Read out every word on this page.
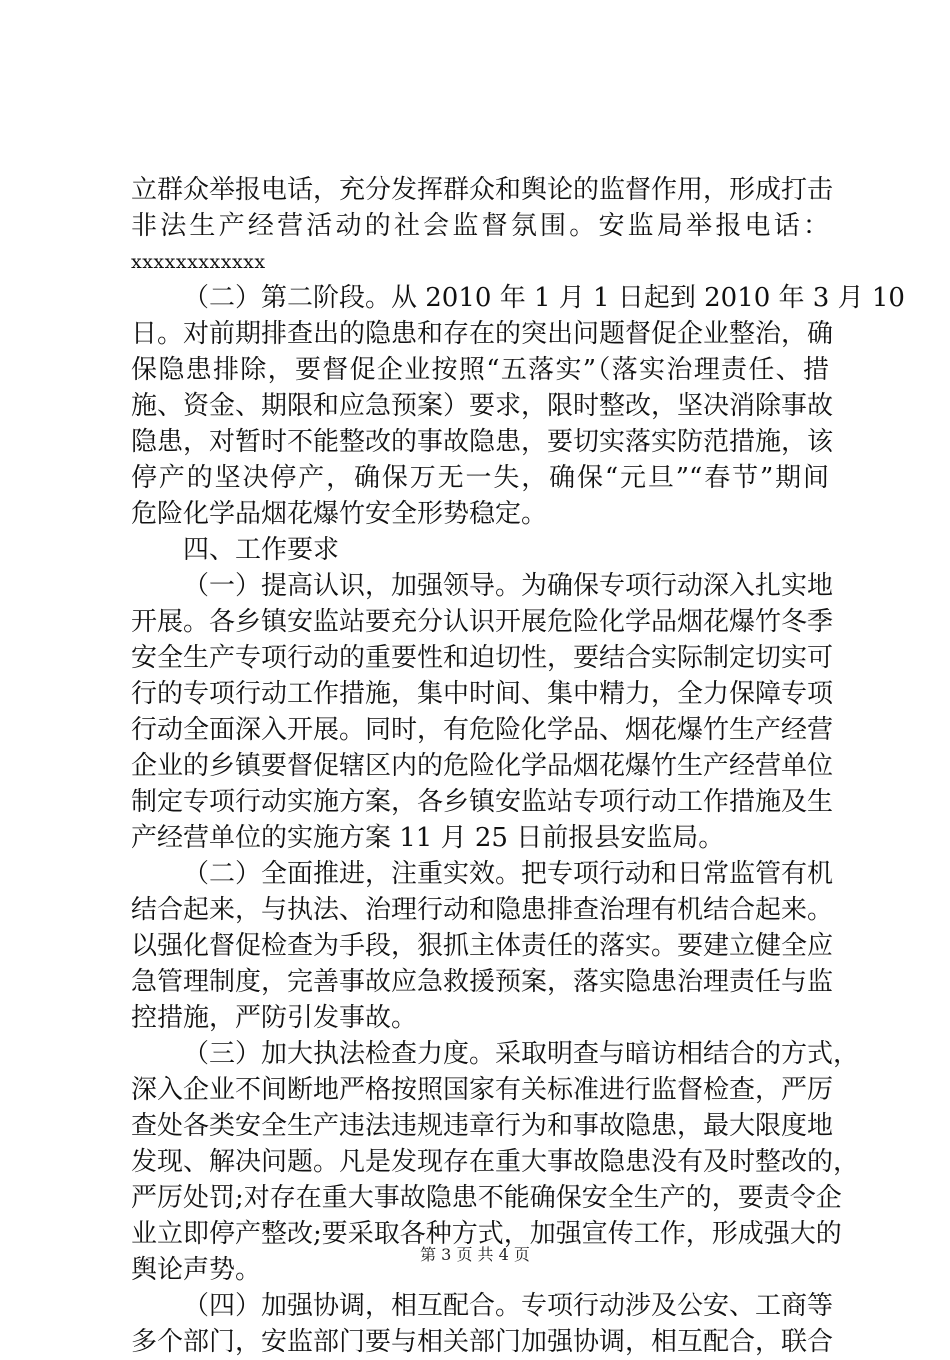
立群众举报电话，充分发挥群众和舆论的监督作用，形成打击
非法生产经营活动的社会监督氛围。安监局举报电话：
xxxxxxxxxxxx
（二）第二阶段。从 2010 年 1 月 1 日起到 2010 年 3 月 10
日。对前期排查出的隐患和存在的突出问题督促企业整治，确
保隐患排除，要督促企业按照“五落实”（落实治理责任、措
施、资金、期限和应急预案）要求，限时整改，坚决消除事故
隐患，对暂时不能整改的事故隐患，要切实落实防范措施，该
停产的坚决停产，确保万无一失，确保“元旦”“春节”期间
危险化学品烟花爆竹安全形势稳定。
四、工作要求
（一）提高认识，加强领导。为确保专项行动深入扎实地
开展。各乡镇安监站要充分认识开展危险化学品烟花爆竹冬季
安全生产专项行动的重要性和迫切性，要结合实际制定切实可
行的专项行动工作措施，集中时间、集中精力，全力保障专项
行动全面深入开展。同时，有危险化学品、烟花爆竹生产经营
企业的乡镇要督促辖区内的危险化学品烟花爆竹生产经营单位
制定专项行动实施方案，各乡镇安监站专项行动工作措施及生
产经营单位的实施方案 11 月 25 日前报县安监局。
（二）全面推进，注重实效。把专项行动和日常监管有机
结合起来，与执法、治理行动和隐患排查治理有机结合起来。
以强化督促检查为手段，狠抓主体责任的落实。要建立健全应
急管理制度，完善事故应急救援预案，落实隐患治理责任与监
控措施，严防引发事故。
（三）加大执法检查力度。采取明查与暗访相结合的方式，
深入企业不间断地严格按照国家有关标准进行监督检查，严厉
查处各类安全生产违法违规违章行为和事故隐患，最大限度地
发现、解决问题。凡是发现存在重大事故隐患没有及时整改的，
严厉处罚;对存在重大事故隐患不能确保安全生产的，要责令企
业立即停产整改;要采取各种方式，加强宣传工作，形成强大的
舆论声势。
（四）加强协调，相互配合。专项行动涉及公安、工商等
多个部门，安监部门要与相关部门加强协调，相互配合，联合
第 3 页 共 4 页
